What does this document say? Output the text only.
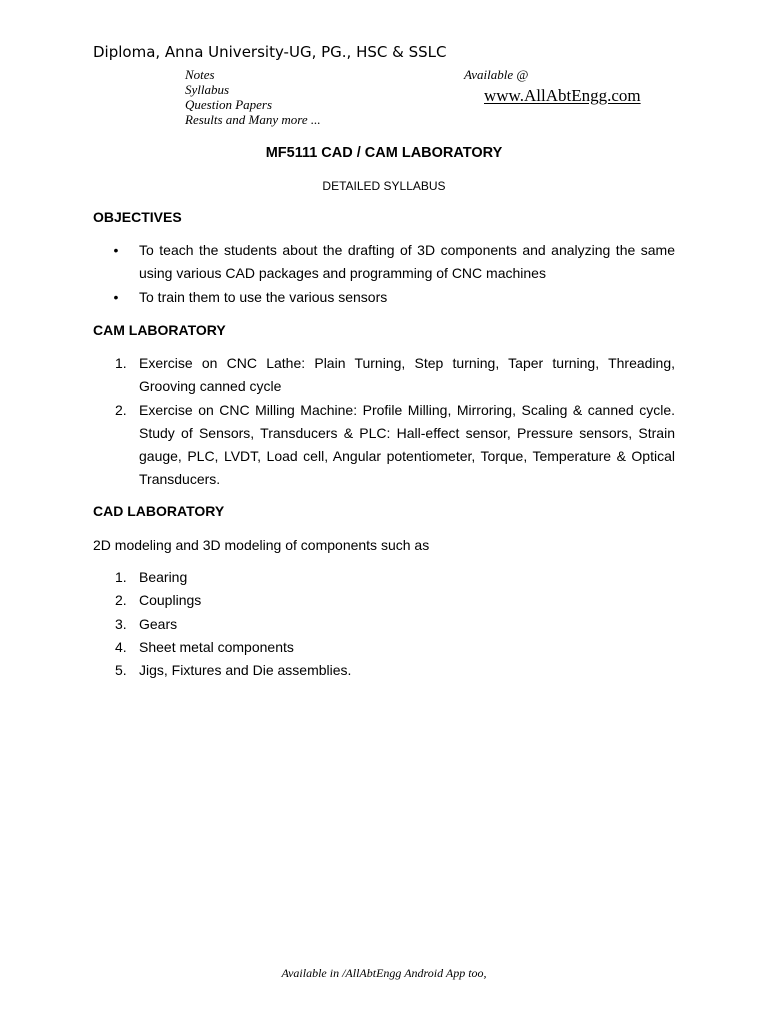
Diploma, Anna University-UG, PG., HSC & SSLC
Notes
Syllabus
Question Papers
Results and Many more ...
Available @
www.AllAbtEngg.com
MF5111 CAD / CAM LABORATORY
DETAILED SYLLABUS
OBJECTIVES
•	To teach the students about the drafting of 3D components and analyzing the same using various CAD packages and programming of CNC machines
•	To train them to use the various sensors
CAM LABORATORY
1. Exercise on CNC Lathe: Plain Turning, Step turning, Taper turning, Threading, Grooving canned cycle
2. Exercise on CNC Milling Machine: Profile Milling, Mirroring, Scaling & canned cycle. Study of Sensors, Transducers & PLC: Hall-effect sensor, Pressure sensors, Strain gauge, PLC, LVDT, Load cell, Angular potentiometer, Torque, Temperature & Optical Transducers.
CAD LABORATORY
2D modeling and 3D modeling of components such as
1. Bearing
2. Couplings
3. Gears
4. Sheet metal components
5. Jigs, Fixtures and Die assemblies.
Available in /AllAbtEngg Android App too,
